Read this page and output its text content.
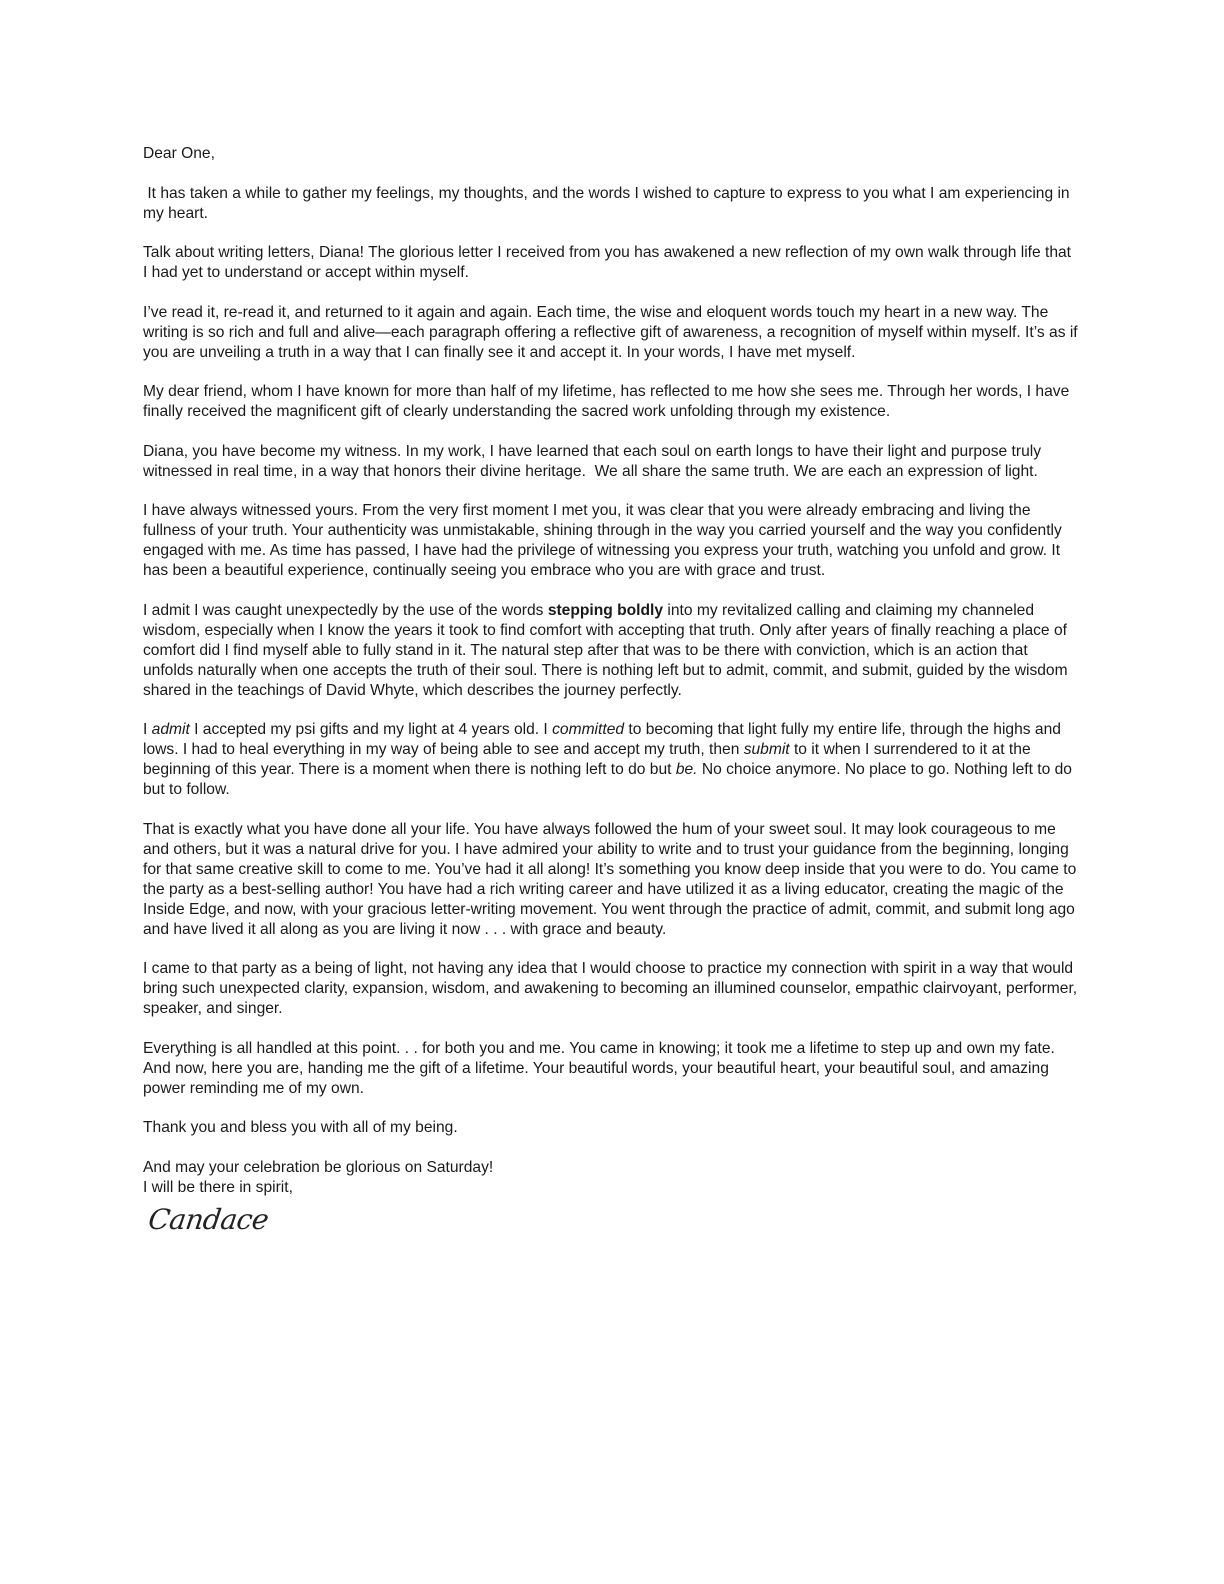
Dear One,

It has taken a while to gather my feelings, my thoughts, and the words I wished to capture to express to you what I am experiencing in my heart.

Talk about writing letters, Diana! The glorious letter I received from you has awakened a new reflection of my own walk through life that I had yet to understand or accept within myself.

I’ve read it, re-read it, and returned to it again and again. Each time, the wise and eloquent words touch my heart in a new way. The writing is so rich and full and alive—each paragraph offering a reflective gift of awareness, a recognition of myself within myself. It’s as if you are unveiling a truth in a way that I can finally see it and accept it. In your words, I have met myself.

My dear friend, whom I have known for more than half of my lifetime, has reflected to me how she sees me. Through her words, I have finally received the magnificent gift of clearly understanding the sacred work unfolding through my existence.

Diana, you have become my witness. In my work, I have learned that each soul on earth longs to have their light and purpose truly witnessed in real time, in a way that honors their divine heritage.  We all share the same truth. We are each an expression of light.

I have always witnessed yours. From the very first moment I met you, it was clear that you were already embracing and living the fullness of your truth. Your authenticity was unmistakable, shining through in the way you carried yourself and the way you confidently engaged with me. As time has passed, I have had the privilege of witnessing you express your truth, watching you unfold and grow. It has been a beautiful experience, continually seeing you embrace who you are with grace and trust.

I admit I was caught unexpectedly by the use of the words stepping boldly into my revitalized calling and claiming my channeled wisdom, especially when I know the years it took to find comfort with accepting that truth. Only after years of finally reaching a place of comfort did I find myself able to fully stand in it. The natural step after that was to be there with conviction, which is an action that unfolds naturally when one accepts the truth of their soul. There is nothing left but to admit, commit, and submit, guided by the wisdom shared in the teachings of David Whyte, which describes the journey perfectly.

I admit I accepted my psi gifts and my light at 4 years old. I committed to becoming that light fully my entire life, through the highs and lows. I had to heal everything in my way of being able to see and accept my truth, then submit to it when I surrendered to it at the beginning of this year. There is a moment when there is nothing left to do but be. No choice anymore. No place to go. Nothing left to do but to follow.

That is exactly what you have done all your life. You have always followed the hum of your sweet soul. It may look courageous to me and others, but it was a natural drive for you. I have admired your ability to write and to trust your guidance from the beginning, longing for that same creative skill to come to me. You’ve had it all along! It’s something you know deep inside that you were to do. You came to the party as a best-selling author! You have had a rich writing career and have utilized it as a living educator, creating the magic of the Inside Edge, and now, with your gracious letter-writing movement. You went through the practice of admit, commit, and submit long ago and have lived it all along as you are living it now . . . with grace and beauty.

I came to that party as a being of light, not having any idea that I would choose to practice my connection with spirit in a way that would bring such unexpected clarity, expansion, wisdom, and awakening to becoming an illumined counselor, empathic clairvoyant, performer, speaker, and singer.

Everything is all handled at this point. . . for both you and me. You came in knowing; it took me a lifetime to step up and own my fate. And now, here you are, handing me the gift of a lifetime. Your beautiful words, your beautiful heart, your beautiful soul, and amazing power reminding me of my own.

Thank you and bless you with all of my being.

And may your celebration be glorious on Saturday!

I will be there in spirit,

Candace
